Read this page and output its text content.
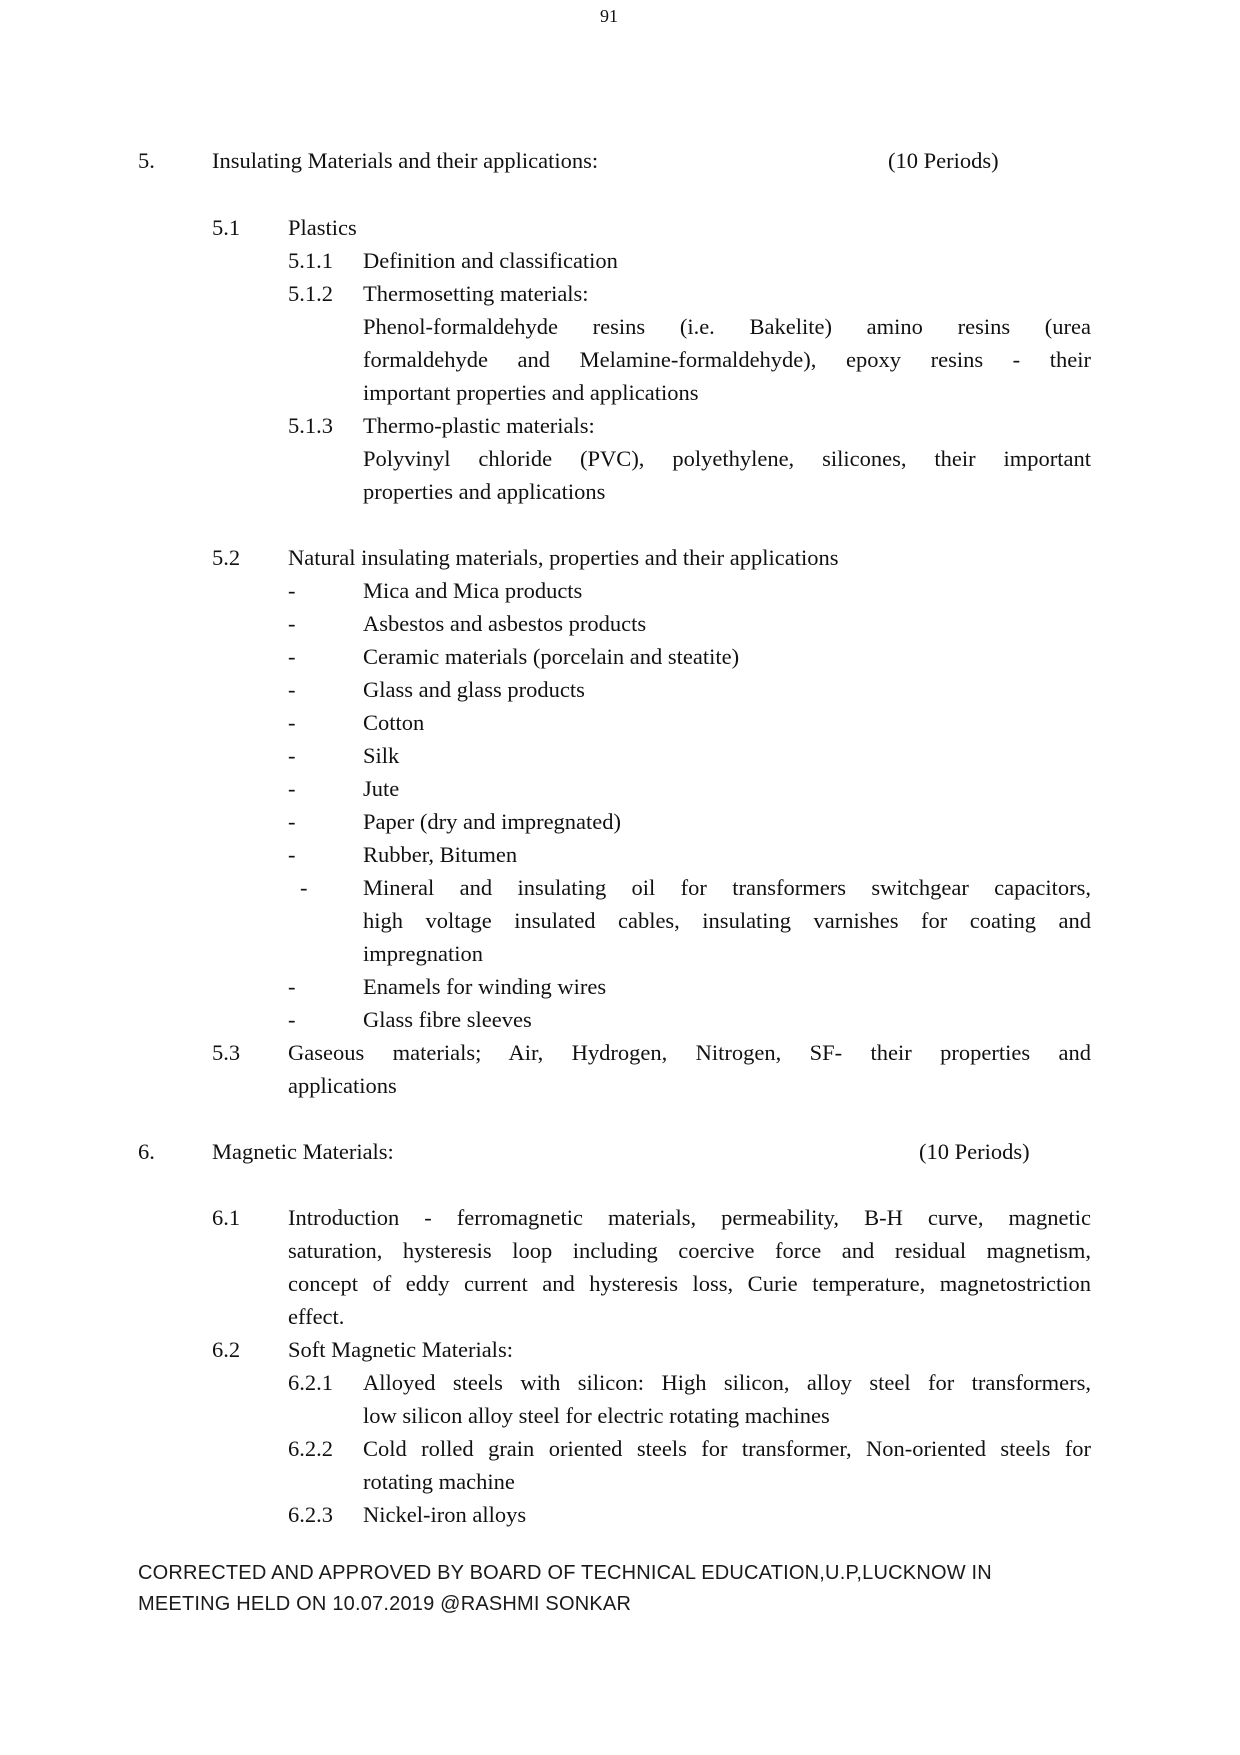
91
5.	Insulating Materials and their applications:	(10 Periods)
5.1 Plastics
5.1.1 Definition and classification
5.1.2 Thermosetting materials:
Phenol-formaldehyde resins (i.e. Bakelite) amino resins (urea
formaldehyde and Melamine-formaldehyde), epoxy resins - their
important properties and applications
5.1.3 Thermo-plastic materials:
Polyvinyl chloride (PVC), polyethylene, silicones, their important
properties and applications
5.2 Natural insulating materials, properties and their applications
-	Mica and Mica products
-	Asbestos and asbestos products
-	Ceramic materials (porcelain and steatite)
-	Glass and glass products
-	Cotton
-	Silk
-	Jute
-	Paper (dry and impregnated)
-	Rubber, Bitumen
- Mineral and insulating oil for transformers switchgear capacitors,
high voltage insulated cables, insulating varnishes for coating and
impregnation
-	Enamels for winding wires
-	Glass fibre sleeves
5.3 Gaseous materials; Air, Hydrogen, Nitrogen, SF- their properties and
applications
6.	Magnetic Materials:	(10 Periods)
6.1 Introduction - ferromagnetic materials, permeability, B-H curve, magnetic
saturation, hysteresis loop including coercive force and residual magnetism,
concept of eddy current and hysteresis loss, Curie temperature, magnetostriction
effect.
6.2 Soft Magnetic Materials:
6.2.1 Alloyed steels with silicon: High silicon, alloy steel for transformers,
low silicon alloy steel for electric rotating machines
6.2.2 Cold rolled grain oriented steels for transformer, Non-oriented steels for
rotating machine
6.2.3 Nickel-iron alloys
CORRECTED AND APPROVED BY BOARD OF TECHNICAL EDUCATION,U.P,LUCKNOW IN
MEETING HELD ON 10.07.2019 @RASHMI SONKAR
